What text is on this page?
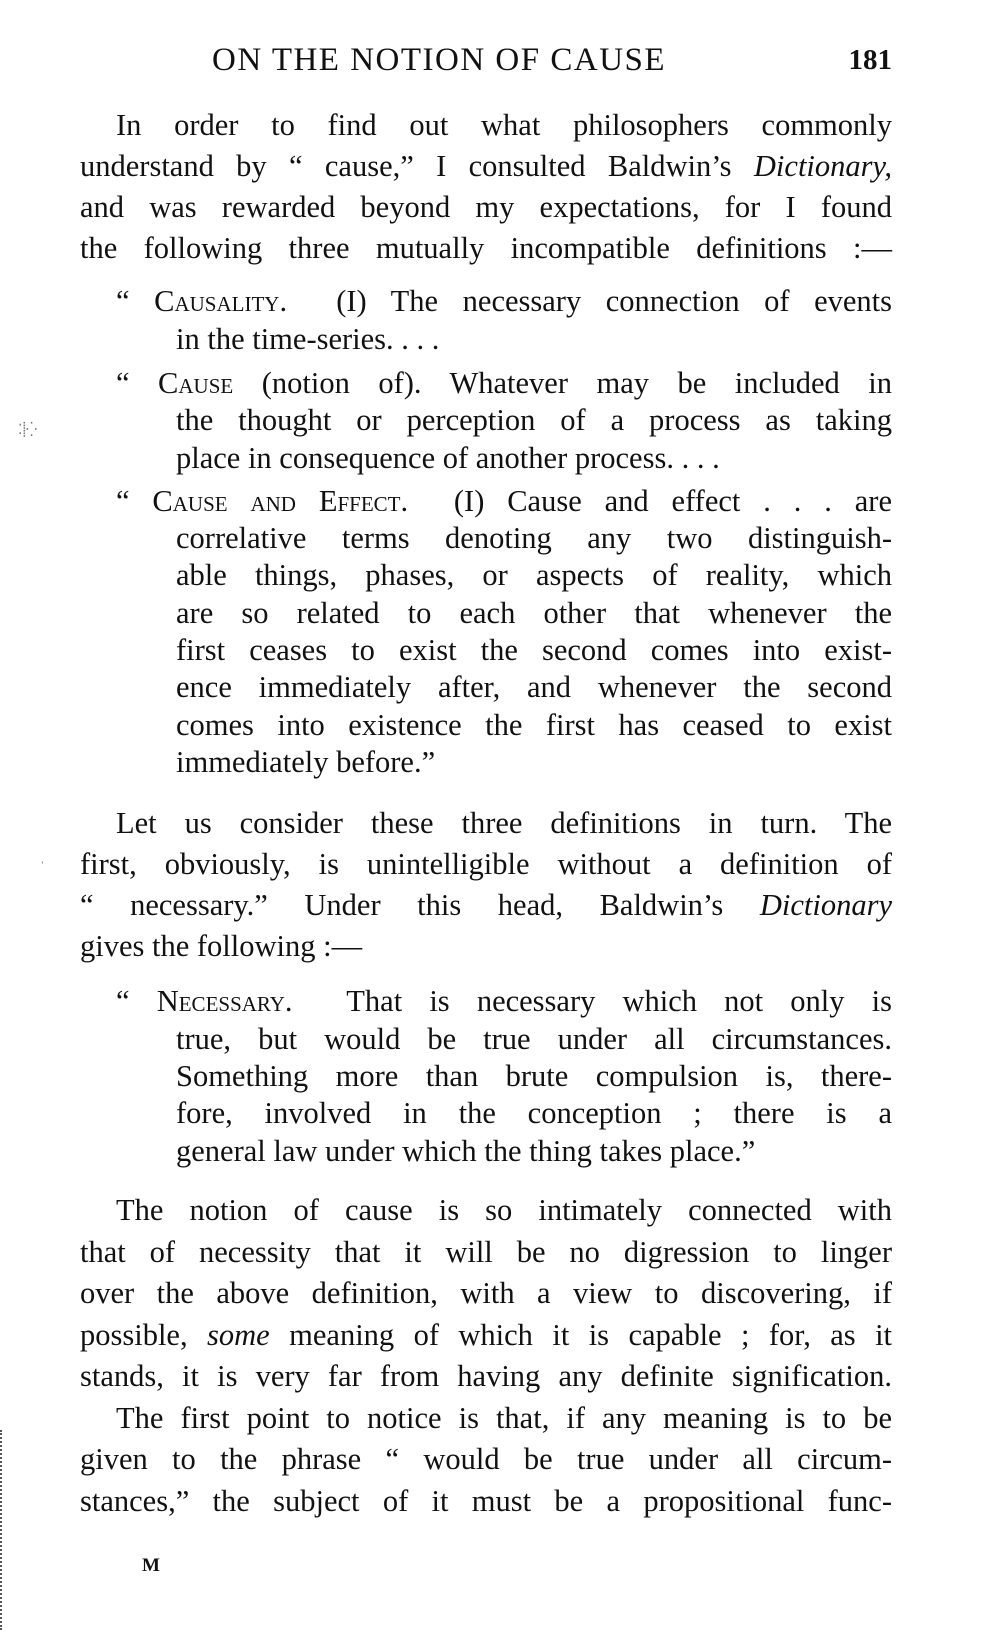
ON THE NOTION OF CAUSE	181
In order to find out what philosophers commonly
understand by “ cause,” I consulted Baldwin’s Dictionary,
and was rewarded beyond my expectations, for I found
the following three mutually incompatible definitions :—
“ Causality. (I) The necessary connection of events
in the time-series. . . .
“ Cause (notion of). Whatever may be included in
the thought or perception of a process as taking
place in consequence of another process. . . .
“ Cause and Effect. (I) Cause and effect . . . are
correlative terms denoting any two distinguish-
able things, phases, or aspects of reality, which
are so related to each other that whenever the
first ceases to exist the second comes into exist-
ence immediately after, and whenever the second
comes into existence the first has ceased to exist
immediately before.”
Let us consider these three definitions in turn. The
first, obviously, is unintelligible without a definition of
“ necessary.” Under this head, Baldwin’s Dictionary
gives the following :—
“ Necessary. That is necessary which not only is
true, but would be true under all circumstances.
Something more than brute compulsion is, there-
fore, involved in the conception ; there is a
general law under which the thing takes place.”
The notion of cause is so intimately connected with
that of necessity that it will be no digression to linger
over the above definition, with a view to discovering, if
possible, some meaning of which it is capable ; for, as it
stands, it is very far from having any definite signification.
The first point to notice is that, if any meaning is to be
given to the phrase “ would be true under all circum-
stances,” the subject of it must be a propositional func-
M
⁚⸽⁛
ˈ
